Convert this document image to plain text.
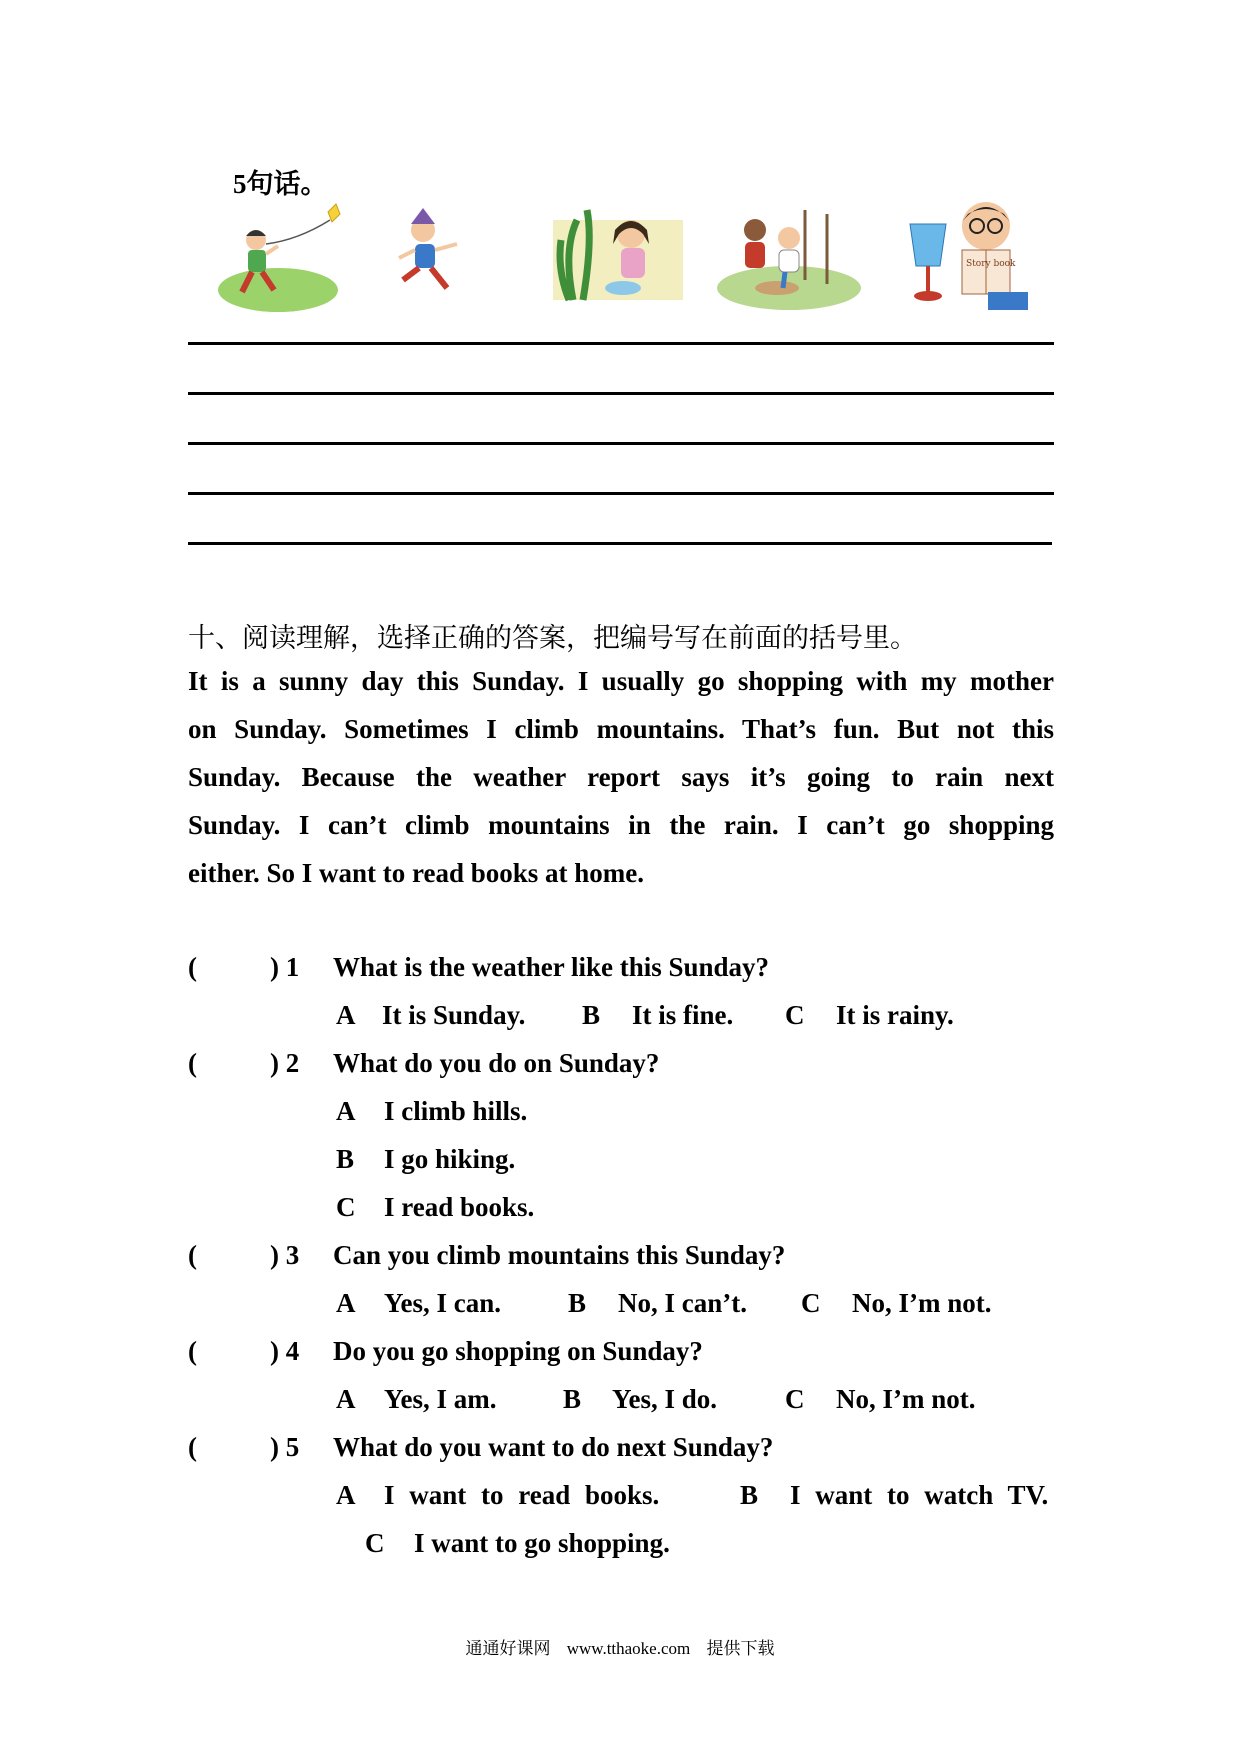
5句话。
Story book
十、阅读理解，选择正确的答案，把编号写在前面的括号里。
It is a sunny day this Sunday. I usually go shopping with my mother
on Sunday. Sometimes I climb mountains. That’s fun. But not this
Sunday. Because the weather report says it’s going to rain next
Sunday. I can’t climb mountains in the rain. I can’t go shopping
either. So I want to read books at home.
(	) 1 What is the weather like this Sunday?
A It is Sunday. B It is fine. C It is rainy.
(	) 2 What do you do on Sunday?
A I climb hills.
B I go hiking.
C I read books.
(	) 3 Can you climb mountains this Sunday?
A Yes, I can. B No, I can’t. C No, I’m not.
(	) 4 Do you go shopping on Sunday?
A Yes, I am. B Yes, I do.	C No, I’m not.
(	) 5 What do you want to do next Sunday?
A I want to read books.	B I want to watch TV.
C I want to go shopping.
通通好课网 www.tthaoke.com 提供下载
